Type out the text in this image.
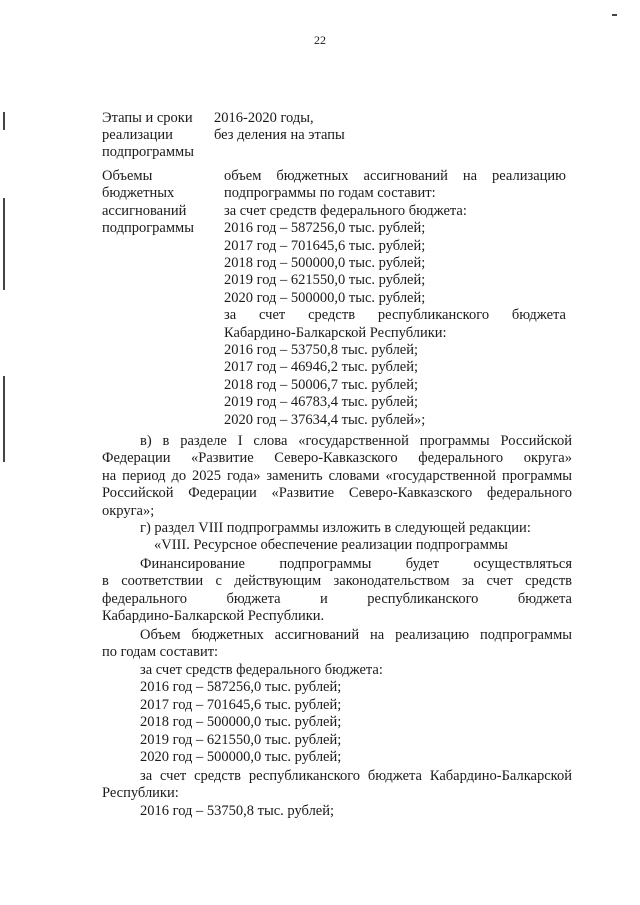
22
Этапы и сроки
реализации
подпрограммы
2016-2020 годы,
без деления на этапы
Объемы
бюджетных
ассигнований
подпрограммы
объем бюджетных ассигнований на реализацию
подпрограммы по годам составит:
за счет средств федерального бюджета:
2016 год – 587256,0 тыс. рублей;
2017 год – 701645,6 тыс. рублей;
2018 год – 500000,0 тыс. рублей;
2019 год – 621550,0 тыс. рублей;
2020 год – 500000,0 тыс. рублей;
за счет средств республиканского бюджета
Кабардино-Балкарской Республики:
2016 год – 53750,8 тыс. рублей;
2017 год – 46946,2 тыс. рублей;
2018 год – 50006,7 тыс. рублей;
2019 год – 46783,4 тыс. рублей;
2020 год – 37634,4 тыс. рублей»;
в) в разделе I слова «государственной программы Российской
Федерации «Развитие Северо-Кавказского федерального округа»
на период до 2025 года» заменить словами «государственной программы
Российской Федерации «Развитие Северо-Кавказского федерального
округа»;
г) раздел VIII подпрограммы изложить в следующей редакции:
«VIII. Ресурсное обеспечение реализации подпрограммы
Финансирование подпрограммы будет осуществляться
в соответствии с действующим законодательством за счет средств
федерального бюджета и республиканского бюджета
Кабардино-Балкарской Республики.
Объем бюджетных ассигнований на реализацию подпрограммы
по годам составит:
за счет средств федерального бюджета:
2016 год – 587256,0 тыс. рублей;
2017 год – 701645,6 тыс. рублей;
2018 год – 500000,0 тыс. рублей;
2019 год – 621550,0 тыс. рублей;
2020 год – 500000,0 тыс. рублей;
за счет средств республиканского бюджета Кабардино-Балкарской
Республики:
2016 год – 53750,8 тыс. рублей;
